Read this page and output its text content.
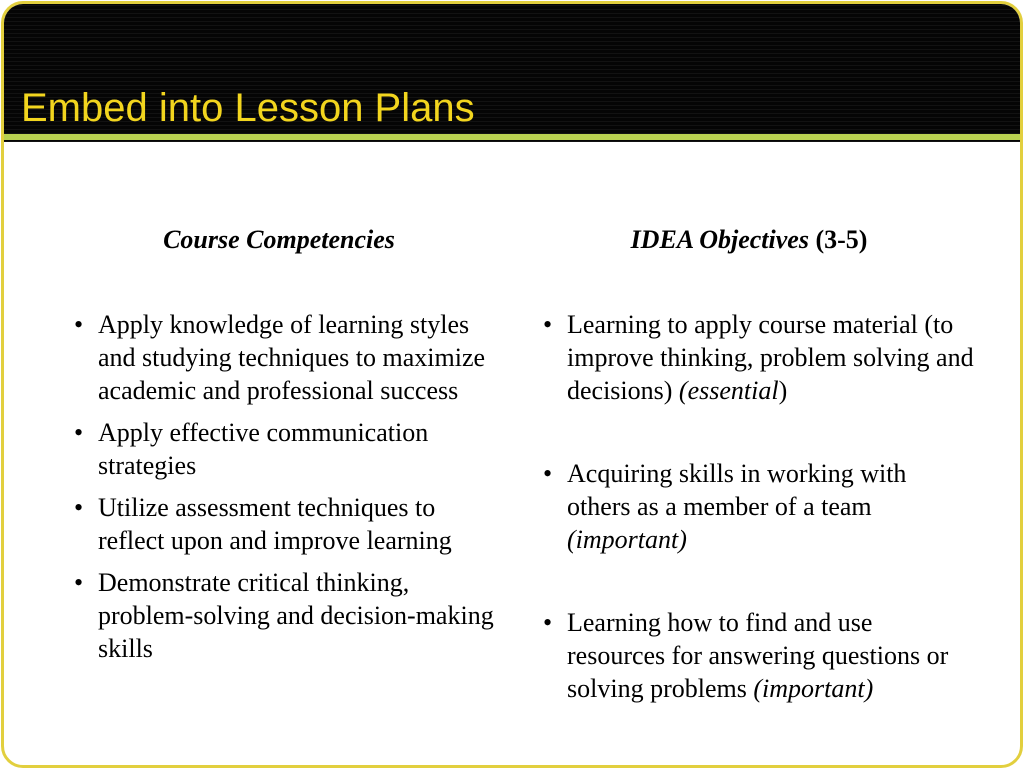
Embed into Lesson Plans
Course Competencies	IDEA Objectives (3-5)
• Apply knowledge of learning styles and studying techniques to maximize academic and professional success
• Apply effective communication strategies
• Utilize assessment techniques to reflect upon and improve learning
• Demonstrate critical thinking, problem-solving and decision-making skills
• Learning to apply course material (to improve thinking, problem solving and decisions) (essential)
• Acquiring skills in working with others as a member of a team (important)
• Learning how to find and use resources for answering questions or solving problems (important)
